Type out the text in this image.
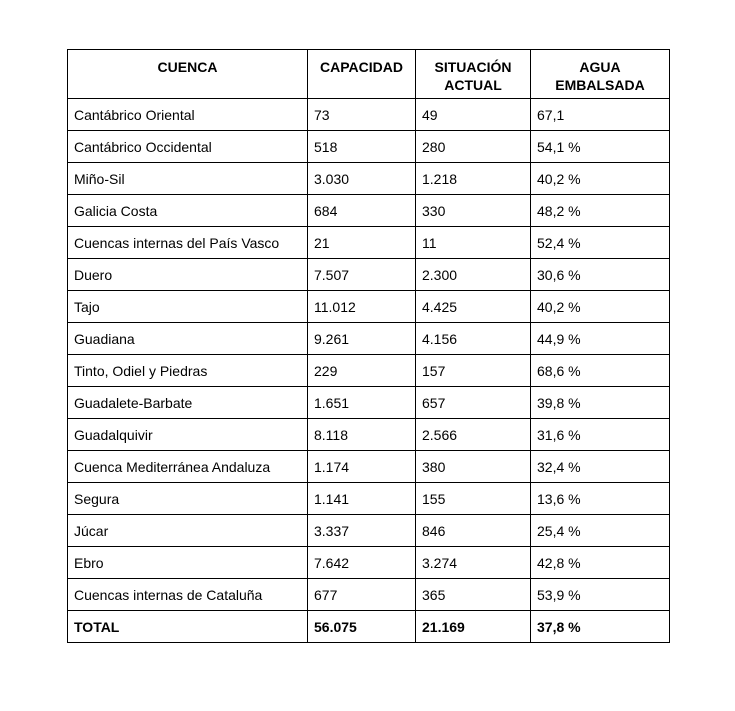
CUENCA	CAPACIDAD	SITUACIÓN ACTUAL	AGUA EMBALSADA
Cantábrico Oriental	73	49	67,1
Cantábrico Occidental	518	280	54,1 %
Miño-Sil	3.030	1.218	40,2 %
Galicia Costa	684	330	48,2 %
Cuencas internas del País Vasco	21	11	52,4 %
Duero	7.507	2.300	30,6 %
Tajo	11.012	4.425	40,2 %
Guadiana	9.261	4.156	44,9 %
Tinto, Odiel y Piedras	229	157	68,6 %
Guadalete-Barbate	1.651	657	39,8 %
Guadalquivir	8.118	2.566	31,6 %
Cuenca Mediterránea Andaluza	1.174	380	32,4 %
Segura	1.141	155	13,6 %
Júcar	3.337	846	25,4 %
Ebro	7.642	3.274	42,8 %
Cuencas internas de Cataluña	677	365	53,9 %
TOTAL	56.075	21.169	37,8 %
